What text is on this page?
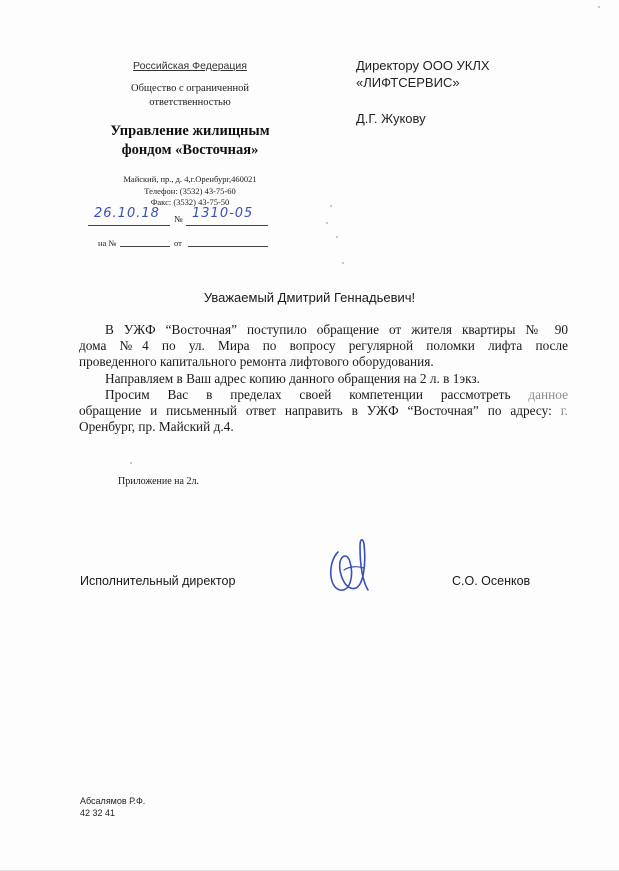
Российская Федерация
Общество с ограниченной
ответственностью
Управление жилищным
фондом «Восточная»
Майский, пр., д. 4,г.Оренбург,460021
Телефон: (3532) 43-75-60
Факс: (3532) 43-75-50
26.10.18 № 1310-05
на №	от
Директору ООО УКЛХ
«ЛИФТСЕРВИС»
Д.Г. Жукову
Уважаемый Дмитрий Геннадьевич!

В УЖФ “Восточная” поступило обращение от жителя квартиры № 90

дома №4 по ул. Мира по вопросу регулярной поломки лифта после

проведенного капитального ремонта лифтового оборудования.

Направляем в Ваш адрес копию данного обращения на 2 л. в 1экз.

Просим Вас в пределах своей компетенции рассмотреть данное

обращение и письменный ответ направить в УЖФ “Восточная” по адресу: г.

Оренбург, пр. Майский д.4.

Приложение на 2л.
Исполнительный директор	С.О. Осенков
Абсалямов Р.Ф.
42 32 41
